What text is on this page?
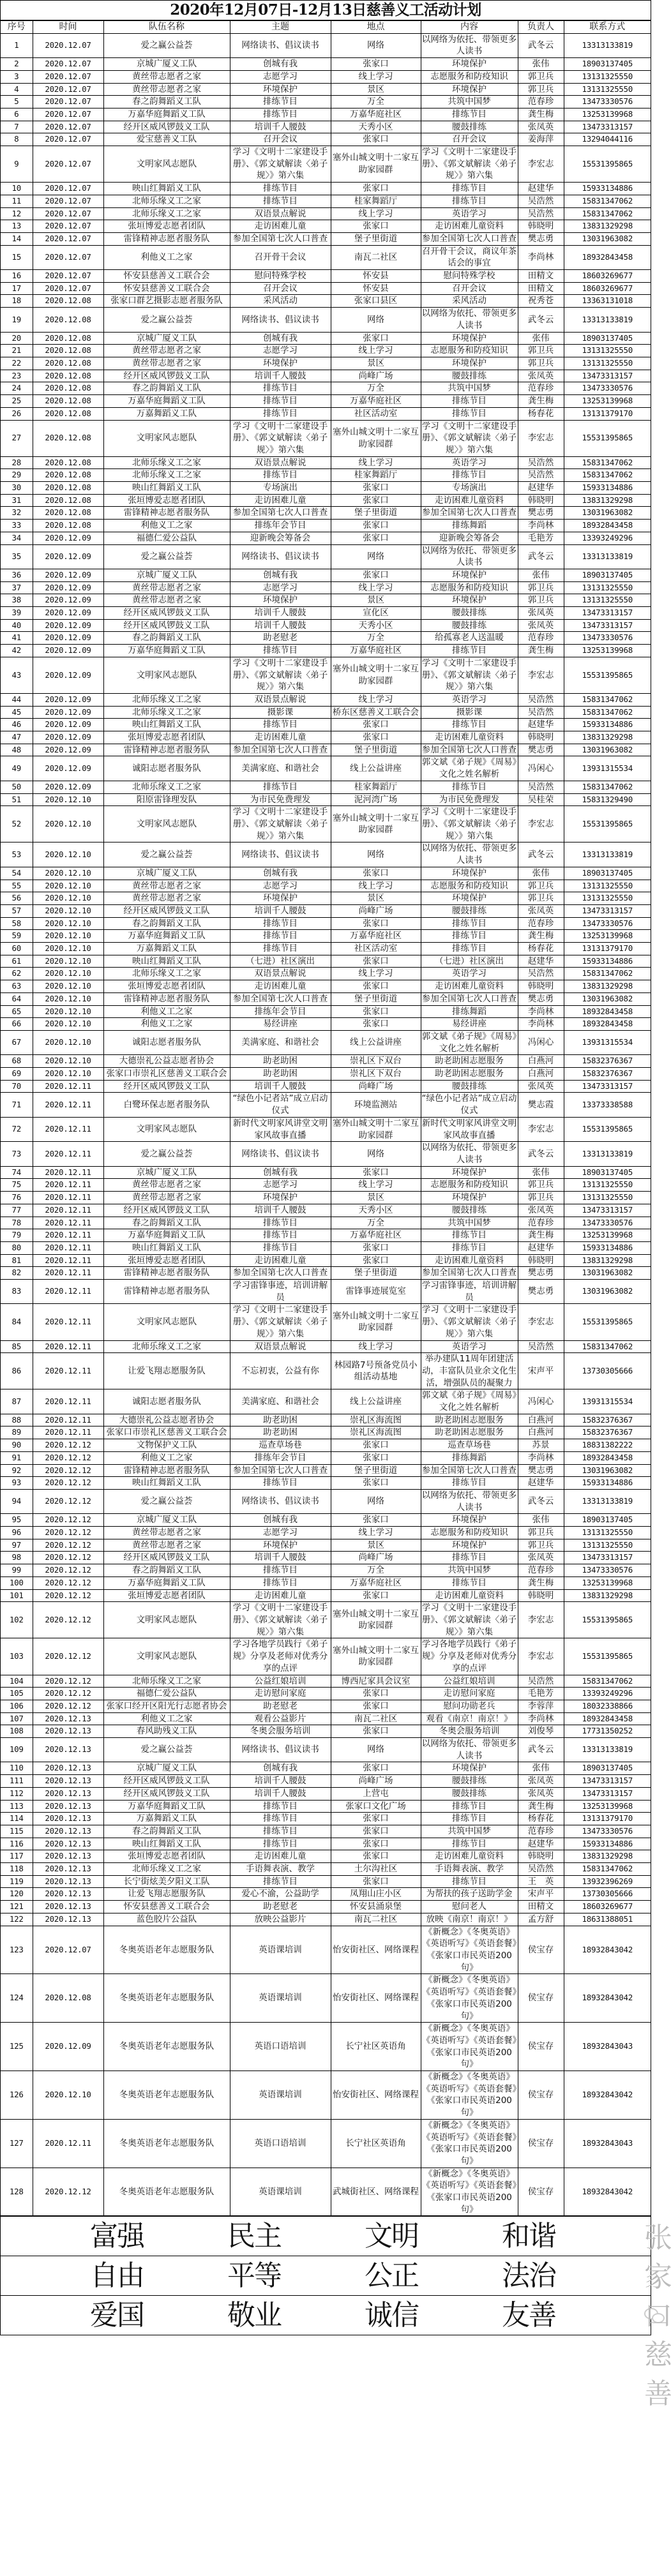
2020年12月07日-12月13日慈善义工活动计划
序号	时间	队伍名称	主题	地点	内容	负责人	联系方式
1	2020.12.07	爱之赢公益荟	网络读书、倡议读书	网络	以网络为依托、带领更多人读书	武冬云	13313133819
2	2020.12.07	京城广厦义工队	创城有我	张家口	环境保护	张伟	18903137405
3	2020.12.07	黄丝带志愿者之家	志愿学习	线上学习	志愿服务和防疫知识	郭卫兵	13131325550
4	2020.12.07	黄丝带志愿者之家	环境保护	景区	环境保护	郭卫兵	13131325550
5	2020.12.07	春之韵舞蹈义工队	排练节目	万全	共筑中国梦	范春珍	13473330576
6	2020.12.07	万嘉华庭舞蹈义工队	排练节目	万嘉华庭社区	排练节目	龚生梅	13253139968
7	2020.12.07	经开区威风锣鼓义工队	培训千人腰鼓	天秀小区	腰鼓排练	张凤英	13473313157
8	2020.12.07	爱宝慈善义工队	召开会议	张家口	召开会议	姜海萍	13294044116
9	2020.12.07	文明家风志愿队	学习《文明十二家建设手册》、《郭文斌解读〈弟子规〉》第六集	塞外山城文明十二家互助家园群	学习《文明十二家建设手册》、《郭文斌解读〈弟子规〉》第六集	李宏志	15531395865
10	2020.12.07	映山红舞蹈义工队	排练节目	张家口	排练节目	赵建华	15933134886
11	2020.12.07	北师乐缘义工之家	排练节目	桂家舞蹈厅	排练节目	吴浩然	15831347062
12	2020.12.07	北师乐缘义工之家	双语景点解说	线上学习	英语学习	吴浩然	15831347062
13	2020.12.07	张垣博爱志愿者团队	走访困难儿童	张家口	走访困难儿童资料	韩晓明	13831329298
14	2020.12.07	雷锋精神志愿者服务队	参加全国第七次人口普查	堡子里街道	参加全国第七次人口普查	樊志勇	13031963082
15	2020.12.07	利他义工之家	召开骨干会议	南瓦二社区	召开骨干会议，商议年茶话会的事宜	李尚林	18932843458
16	2020.12.07	怀安县慈善义工联合会	慰问特殊学校	怀安县	慰问特殊学校	田精文	18603269677
17	2020.12.07	怀安县慈善义工联合会	召开会议	怀安县	召开会议	田精文	18603269677
18	2020.12.08	张家口群艺摄影志愿者服务队	采风活动	张家口县区	采风活动	祝秀苍	13363131018
19	2020.12.08	爱之赢公益荟	网络读书、倡议读书	网络	以网络为依托、带领更多人读书	武冬云	13313133819
20	2020.12.08	京城广厦义工队	创城有我	张家口	环境保护	张伟	18903137405
21	2020.12.08	黄丝带志愿者之家	志愿学习	线上学习	志愿服务和防疫知识	郭卫兵	13131325550
22	2020.12.08	黄丝带志愿者之家	环境保护	景区	环境保护	郭卫兵	13131325550
23	2020.12.08	经开区威风锣鼓义工队	培训千人腰鼓	尚峰广场	腰鼓排练	张凤英	13473313157
24	2020.12.08	春之韵舞蹈义工队	排练节目	万全	共筑中国梦	范春珍	13473330576
25	2020.12.08	万嘉华庭舞蹈义工队	排练节目	万嘉华庭社区	排练节目	龚生梅	13253139968
26	2020.12.08	万嘉舞蹈义工队	排练节目	社区活动室	排练节目	杨春花	13131379170
27	2020.12.08	文明家风志愿队	学习《文明十二家建设手册》、《郭文斌解读〈弟子规〉》第六集	塞外山城文明十二家互助家园群	学习《文明十二家建设手册》、《郭文斌解读〈弟子规〉》第六集	李宏志	15531395865
28	2020.12.08	北师乐缘义工之家	双语景点解说	线上学习	英语学习	吴浩然	15831347062
29	2020.12.08	北师乐缘义工之家	排练节目	桂家舞蹈厅	排练节目	吴浩然	15831347062
30	2020.12.08	映山红舞蹈义工队	专场演出	张家口	专场演出	赵建华	15933134886
31	2020.12.08	张垣博爱志愿者团队	走访困难儿童	张家口	走访困难儿童资料	韩晓明	13831329298
32	2020.12.08	雷锋精神志愿者服务队	参加全国第七次人口普查	堡子里街道	参加全国第七次人口普查	樊志勇	13031963082
33	2020.12.08	利他义工之家	排练年会节目	张家口	排练舞蹈	李尚林	18932843458
34	2020.12.09	福德仁爱公益队	迎新晚会筹备会	张家口	迎新晚会筹备会	毛艳芳	13393249296
35	2020.12.09	爱之赢公益荟	网络读书、倡议读书	网络	以网络为依托、带领更多人读书	武冬云	13313133819
36	2020.12.09	京城广厦义工队	创城有我	张家口	环境保护	张伟	18903137405
37	2020.12.09	黄丝带志愿者之家	志愿学习	线上学习	志愿服务和防疫知识	郭卫兵	13131325550
38	2020.12.09	黄丝带志愿者之家	环境保护	景区	环境保护	郭卫兵	13131325550
39	2020.12.09	经开区威风锣鼓义工队	培训千人腰鼓	宣化区	腰鼓排练	张凤英	13473313157
40	2020.12.09	经开区威风锣鼓义工队	培训千人腰鼓	天秀小区	腰鼓排练	张凤英	13473313157
41	2020.12.09	春之韵舞蹈义工队	助老慰老	万全	给孤寡老人送温暖	范春珍	13473330576
42	2020.12.09	万嘉华庭舞蹈义工队	排练节目	万嘉华庭社区	排练节目	龚生梅	13253139968
43	2020.12.09	文明家风志愿队	学习《文明十二家建设手册》、《郭文斌解读〈弟子规〉》第六集	塞外山城文明十二家互助家园群	学习《文明十二家建设手册》、《郭文斌解读〈弟子规〉》第六集	李宏志	15531395865
44	2020.12.09	北师乐缘义工之家	双语景点解说	线上学习	英语学习	吴浩然	15831347062
45	2020.12.09	北师乐缘义工之家	摄影课	桥东区慈善义工联合会	摄影课	吴浩然	15831347062
46	2020.12.09	映山红舞蹈义工队	排练节目	张家口	排练节目	赵建华	15933134886
47	2020.12.09	张垣博爱志愿者团队	走访困难儿童	张家口	走访困难儿童资料	韩晓明	13831329298
48	2020.12.09	雷锋精神志愿者服务队	参加全国第七次人口普查	堡子里街道	参加全国第七次人口普查	樊志勇	13031963082
49	2020.12.09	诚阳志愿者服务队	美满家庭、和谐社会	线上公益讲座	郭文斌《弟子规》《周易》文化之姓名解析	冯闲心	13931315534
50	2020.12.09	北师乐缘义工之家	排练节目	桂家舞蹈厅	排练节目	吴浩然	15831347062
51	2020.12.10	阳原雷锋理发队	为市民免费理发	泥河湾广场	为市民免费理发	吴桂荣	15831329490
52	2020.12.10	文明家风志愿队	学习《文明十二家建设手册》、《郭文斌解读〈弟子规〉》第六集	塞外山城文明十二家互助家园群	学习《文明十二家建设手册》、《郭文斌解读〈弟子规〉》第六集	李宏志	15531395865
53	2020.12.10	爱之赢公益荟	网络读书、倡议读书	网络	以网络为依托、带领更多人读书	武冬云	13313133819
54	2020.12.10	京城广厦义工队	创城有我	张家口	环境保护	张伟	18903137405
55	2020.12.10	黄丝带志愿者之家	志愿学习	线上学习	志愿服务和防疫知识	郭卫兵	13131325550
56	2020.12.10	黄丝带志愿者之家	环境保护	景区	环境保护	郭卫兵	13131325550
57	2020.12.10	经开区威风锣鼓义工队	培训千人腰鼓	尚峰广场	腰鼓排练	张凤英	13473313157
58	2020.12.10	春之韵舞蹈义工队	排练节目	张家口	排练节目	范春珍	13473330576
59	2020.12.10	万嘉华庭舞蹈义工队	排练节目	万嘉华庭社区	排练节目	龚生梅	13253139968
60	2020.12.10	万嘉舞蹈义工队	排练节目	社区活动室	排练节目	杨春花	13131379170
61	2020.12.10	映山红舞蹈义工队	（七进）社区演出	张家口	（七进）社区演出	赵建华	15933134886
62	2020.12.10	北师乐缘义工之家	双语景点解说	线上学习	英语学习	吴浩然	15831347062
63	2020.12.10	张垣博爱志愿者团队	走访困难儿童	张家口	走访困难儿童资料	韩晓明	13831329298
64	2020.12.10	雷锋精神志愿者服务队	参加全国第七次人口普查	堡子里街道	参加全国第七次人口普查	樊志勇	13031963082
65	2020.12.10	利他义工之家	排练年会节目	张家口	排练舞蹈	李尚林	18932843458
66	2020.12.10	利他义工之家	易经讲座	张家口	易经讲座	李尚林	18932843458
67	2020.12.10	诚阳志愿者服务队	美满家庭、和谐社会	线上公益讲座	郭文斌《弟子规》《周易》文化之姓名解析	冯闲心	13931315534
68	2020.12.10	大德崇礼公益志愿者协会	助老助困	崇礼区下双台	助老助困志愿服务	白燕河	15832376367
69	2020.12.10	张家口市崇礼区慈善义工联合会	助老助困	崇礼区下双台	助老助困志愿服务	白燕河	15832376367
70	2020.12.11	经开区威风锣鼓义工队	培训千人腰鼓	尚峰广场	腰鼓排练	张凤英	13473313157
71	2020.12.11	白鹭环保志愿者服务队	“绿色小记者站”成立启动仪式	环境监测站	“绿色小记者站”成立启动仪式	樊志霞	13373338588
72	2020.12.11	文明家风志愿队	新时代文明家风讲堂文明家风故事直播	塞外山城文明十二家互助家园群	新时代文明家风讲堂文明家风故事直播	李宏志	15531395865
73	2020.12.11	爱之赢公益荟	网络读书、倡议读书	网络	以网络为依托、带领更多人读书	武冬云	13313133819
74	2020.12.11	京城广厦义工队	创城有我	张家口	环境保护	张伟	18903137405
75	2020.12.11	黄丝带志愿者之家	志愿学习	线上学习	志愿服务和防疫知识	郭卫兵	13131325550
76	2020.12.11	黄丝带志愿者之家	环境保护	景区	环境保护	郭卫兵	13131325550
77	2020.12.11	经开区威风锣鼓义工队	培训千人腰鼓	天秀小区	腰鼓排练	张凤英	13473313157
78	2020.12.11	春之韵舞蹈义工队	排练节目	万全	共筑中国梦	范春珍	13473330576
79	2020.12.11	万嘉华庭舞蹈义工队	排练节目	万嘉华庭社区	排练节目	龚生梅	13253139968
80	2020.12.11	映山红舞蹈义工队	排练节目	张家口	排练节目	赵建华	15933134886
81	2020.12.11	张垣博爱志愿者团队	走访困难儿童	张家口	走访困难儿童资料	韩晓明	13831329298
82	2020.12.11	雷锋精神志愿者服务队	参加全国第七次人口普查	堡子里街道	参加全国第七次人口普查	樊志勇	13031963082
83	2020.12.11	雷锋精神志愿者服务队	学习雷锋事迹，培训讲解员	雷锋事迹展览室	学习雷锋事迹，培训讲解员	樊志勇	13031963082
84	2020.12.11	文明家风志愿队	学习《文明十二家建设手册》、《郭文斌解读〈弟子规〉》第六集	塞外山城文明十二家互助家园群	学习《文明十二家建设手册》、《郭文斌解读〈弟子规〉》第六集	李宏志	15531395865
85	2020.12.11	北师乐缘义工之家	双语景点解说	线上学习	英语学习	吴浩然	15831347062
86	2020.12.11	让爱飞翔志愿服务队	不忘初衷，公益有你	林园路7号预备党员小组活动基地	举办建队11周年团建活动，丰富队员业余文化生活，增强队员的凝聚力	宋声平	13730305666
87	2020.12.11	诚阳志愿者服务队	美满家庭、和谐社会	线上公益讲座	郭文斌《弟子规》《周易》文化之姓名解析	冯闲心	13931315534
88	2020.12.11	大德崇礼公益志愿者协会	助老助困	崇礼区海流图	助老助困志愿服务	白燕河	15832376367
89	2020.12.11	张家口市崇礼区慈善义工联合会	助老助困	崇礼区海流图	助老助困志愿服务	白燕河	15832376367
90	2020.12.12	文物保护义工队	巡查草场巷	张家口	巡查草场巷	苏景	18831382222
91	2020.12.12	利他义工之家	排练年会节目	张家口	排练舞蹈	李尚林	18932843458
92	2020.12.12	雷锋精神志愿者服务队	参加全国第七次人口普查	堡子里街道	参加全国第七次人口普查	樊志勇	13031963082
93	2020.12.12	映山红舞蹈义工队	排练节目	张家口	排练节目	赵建华	15933134886
94	2020.12.12	爱之赢公益荟	网络读书、倡议读书	网络	以网络为依托、带领更多人读书	武冬云	13313133819
95	2020.12.12	京城广厦义工队	创城有我	张家口	环境保护	张伟	18903137405
96	2020.12.12	黄丝带志愿者之家	志愿学习	线上学习	志愿服务和防疫知识	郭卫兵	13131325550
97	2020.12.12	黄丝带志愿者之家	环境保护	景区	环境保护	郭卫兵	13131325550
98	2020.12.12	经开区威风锣鼓义工队	培训千人腰鼓	尚峰广场	排练节目	张凤英	13473313157
99	2020.12.12	春之韵舞蹈义工队	排练节目	万全	共筑中国梦	范春珍	13473330576
100	2020.12.12	万嘉华庭舞蹈义工队	排练节目	万嘉华庭社区	排练节目	龚生梅	13253139968
101	2020.12.12	张垣博爱志愿者团队	走访困难儿童	张家口	走访困难儿童资料	韩晓明	13831329298
102	2020.12.12	文明家风志愿队	学习《文明十二家建设手册》、《郭文斌解读〈弟子规〉》第六集	塞外山城文明十二家互助家园群	学习《文明十二家建设手册》、《郭文斌解读〈弟子规〉》第六集	李宏志	15531395865
103	2020.12.12	文明家风志愿队	学习各地学员践行《弟子规》分享及老师对优秀分享的点评	塞外山城文明十二家互助家园群	学习各地学员践行《弟子规》分享及老师对优秀分享的点评	李宏志	15531395865
104	2020.12.12	北师乐缘义工之家	公益红娘培训	博西尼家具会议室	公益红娘培训	吴浩然	15831347062
105	2020.12.12	福德仁爱公益队	走访慰问家庭	张家口	走访慰问家庭	毛艳芳	13393249296
106	2020.12.12	张家口经开区阳光行志愿者协会	助老慰老	张家口	慰问功勋老兵	李蓉萍	18032338866
107	2020.12.13	利他义工之家	观看公益影片	南瓦二社区	观看《南京！南京！》	李尚林	18932843458
108	2020.12.13	春风助残义工队	冬奥会服务培训	张家口	冬奥会服务培训	刘俊琴	17731350252
109	2020.12.13	爱之赢公益荟	网络读书、倡议读书	网络	以网络为依托、带领更多人读书	武冬云	13313133819
110	2020.12.13	京城广厦义工队	创城有我	张家口	环境保护	张伟	18903137405
111	2020.12.13	经开区威风锣鼓义工队	培训千人腰鼓	尚峰广场	腰鼓排练	张凤英	13473313157
112	2020.12.13	经开区威风锣鼓义工队	培训千人腰鼓	上营屯	腰鼓排练	张凤英	13473313157
113	2020.12.13	万嘉华庭舞蹈义工队	排练节目	张家口文化广场	排练节目	龚生梅	13253139968
114	2020.12.13	万嘉舞蹈义工队	排练节目	张家口	排练节目	杨春花	13131379170
115	2020.12.13	春之韵舞蹈义工队	排练节目	张家口	共筑中国梦	范春珍	13473330576
116	2020.12.13	映山红舞蹈义工队	排练节目	张家口	排练节目	赵建华	15933134886
117	2020.12.13	张垣博爱志愿者团队	走访困难儿童	张家口	走访困难儿童资料	韩晓明	13831329298
118	2020.12.13	北师乐缘义工之家	手语舞表演、教学	土尔沟社区	手语舞表演、教学	吴浩然	15831347062
119	2020.12.13	长宁街炫美夕阳义工队	排练节目	张家口	排练节目	王　英	13932396269
120	2020.12.13	让爱飞翔志愿服务队	爱心不渝，公益助学	凤翔山庄小区	为帮扶的孩子送助学金	宋声平	13730305666
121	2020.12.13	怀安县慈善义工联合会	助老慰老	怀安县涌泉堡	慰问老人	田精文	18603269677
122	2020.12.13	蓝色胶片公益队	放映公益影片	南瓦二社区	放映《南京！南京！》	孟方舒	18631388051
123	2020.12.07	冬奥英语老年志愿服务队	英语课培训	怡安街社区、网络课程	《新概念》《冬奥英语》《英语听写》《英语套餐》《张家口市民英语200句》	侯宝存	18932843042
124	2020.12.08	冬奥英语老年志愿服务队	英语课培训	怡安街社区、网络课程	《新概念》《冬奥英语》《英语听写》《英语套餐》《张家口市民英语200句》	侯宝存	18932843042
125	2020.12.09	冬奥英语老年志愿服务队	英语口语培训	长宁社区英语角	《新概念》《冬奥英语》《英语听写》《英语套餐》《张家口市民英语200句》	侯宝存	18932843043
126	2020.12.10	冬奥英语老年志愿服务队	英语课培训	怡安街社区、网络课程	《新概念》《冬奥英语》《英语听写》《英语套餐》《张家口市民英语200句》	侯宝存	18932843042
127	2020.12.11	冬奥英语老年志愿服务队	英语口语培训	长宁社区英语角	《新概念》《冬奥英语》《英语听写》《英语套餐》《张家口市民英语200句》	侯宝存	18932843043
128	2020.12.12	冬奥英语老年志愿服务队	英语课培训	武城街社区、网络课程	《新概念》《冬奥英语》《英语听写》《英语套餐》《张家口市民英语200句》	侯宝存	18932843042
富强	民主	文明	和谐
自由	平等	公正	法治
爱国	敬业	诚信	友善
张家口慈善
